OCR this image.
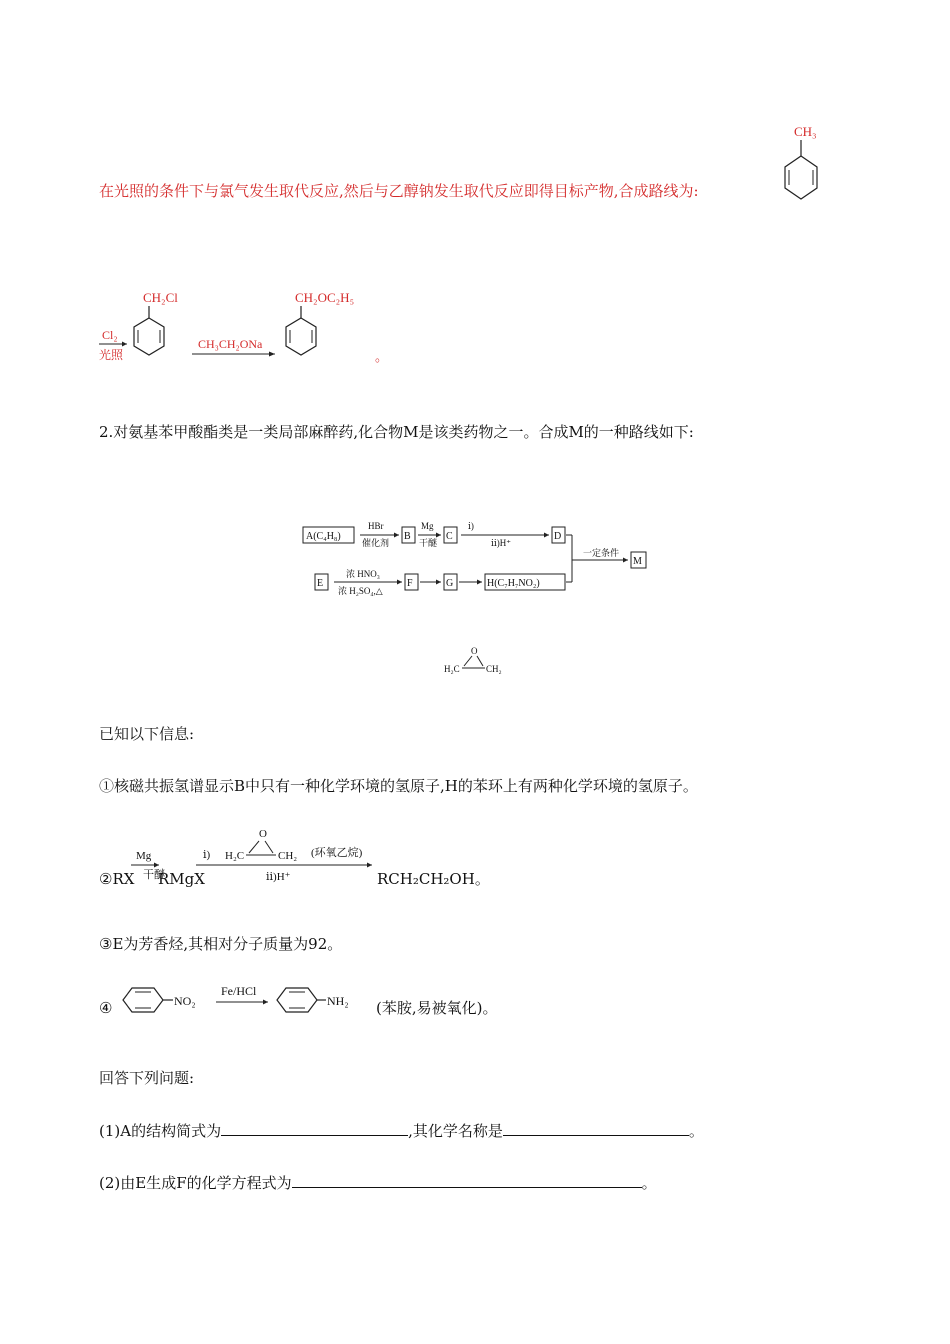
在光照的条件下与氯气发生取代反应,然后与乙醇钠发生取代反应即得目标产物,合成路线为:
CH₃
Cl₂
光照
CH₂Cl
CH₃CH₂ONa
CH₂OC₂H₅
。
2.对氨基苯甲酸酯类是一类局部麻醉药,化合物M是该类药物之一。合成M的一种路线如下:
A(C₄H₈)
HBr
催化剂
B
Mg
干醚
C
ⅰ)
ⅱ)H⁺
D
一定条件
M
E
浓 HNO₃
浓 H₂SO₄,△
F	G	H(C₇H₇NO₂)
O
H₂C	CH₂
已知以下信息:
①核磁共振氢谱显示B中只有一种化学环境的氢原子,H的苯环上有两种化学环境的氢原子。
②RX RMgX	RCH₂CH₂OH。
Mg
干醚
ⅰ)
O
H₂C	CH₂ (环氧乙烷)
ⅱ)H⁺
③E为芳香烃,其相对分子质量为92。
④	NO₂
Fe/HCl
NH₂ (苯胺,易被氧化)。
回答下列问题:
(1)A的结构简式为	,其化学名称是	。
(2)由E生成F的化学方程式为	。
